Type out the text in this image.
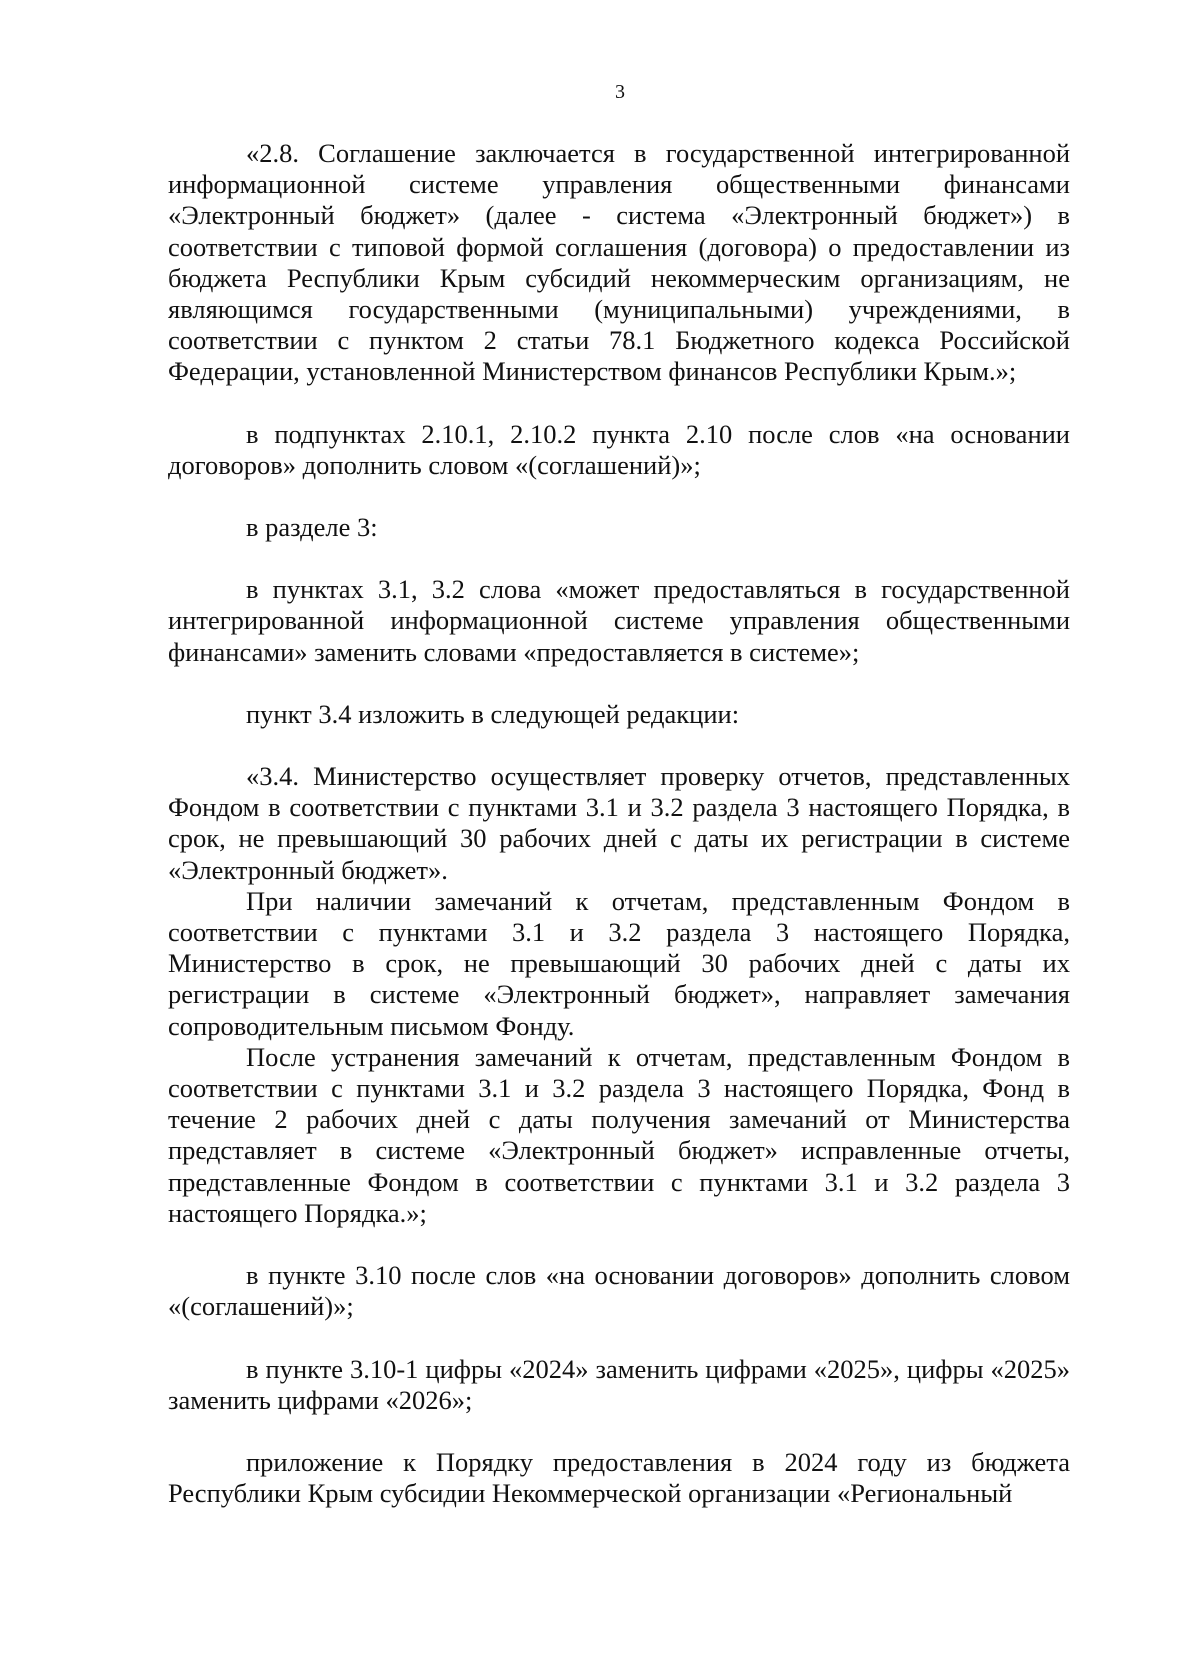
3

«2.8. Соглашение заключается в государственной интегрированной информационной системе управления общественными финансами «Электронный бюджет» (далее - система «Электронный бюджет») в соответствии с типовой формой соглашения (договора) о предоставлении из бюджета Республики Крым субсидий некоммерческим организациям, не являющимся государственными (муниципальными) учреждениями, в соответствии с пунктом 2 статьи 78.1 Бюджетного кодекса Российской Федерации, установленной Министерством финансов Республики Крым.»;

в подпунктах 2.10.1, 2.10.2 пункта 2.10 после слов «на основании договоров» дополнить словом «(соглашений)»;

в разделе 3:

в пунктах 3.1, 3.2 слова «может предоставляться в государственной интегрированной информационной системе управления общественными финансами» заменить словами «предоставляется в системе»;

пункт 3.4 изложить в следующей редакции:

«3.4. Министерство осуществляет проверку отчетов, представленных Фондом в соответствии с пунктами 3.1 и 3.2 раздела 3 настоящего Порядка, в срок, не превышающий 30 рабочих дней с даты их регистрации в системе «Электронный бюджет».

При наличии замечаний к отчетам, представленным Фондом в соответствии с пунктами 3.1 и 3.2 раздела 3 настоящего Порядка, Министерство в срок, не превышающий 30 рабочих дней с даты их регистрации в системе «Электронный бюджет», направляет замечания сопроводительным письмом Фонду.

После устранения замечаний к отчетам, представленным Фондом в соответствии с пунктами 3.1 и 3.2 раздела 3 настоящего Порядка, Фонд в течение 2 рабочих дней с даты получения замечаний от Министерства представляет в системе «Электронный бюджет» исправленные отчеты, представленные Фондом в соответствии с пунктами 3.1 и 3.2 раздела 3 настоящего Порядка.»;

в пункте 3.10 после слов «на основании договоров» дополнить словом «(соглашений)»;

в пункте 3.10-1 цифры «2024» заменить цифрами «2025», цифры «2025» заменить цифрами «2026»;

приложение к Порядку предоставления в 2024 году из бюджета Республики Крым субсидии Некоммерческой организации «Региональный
